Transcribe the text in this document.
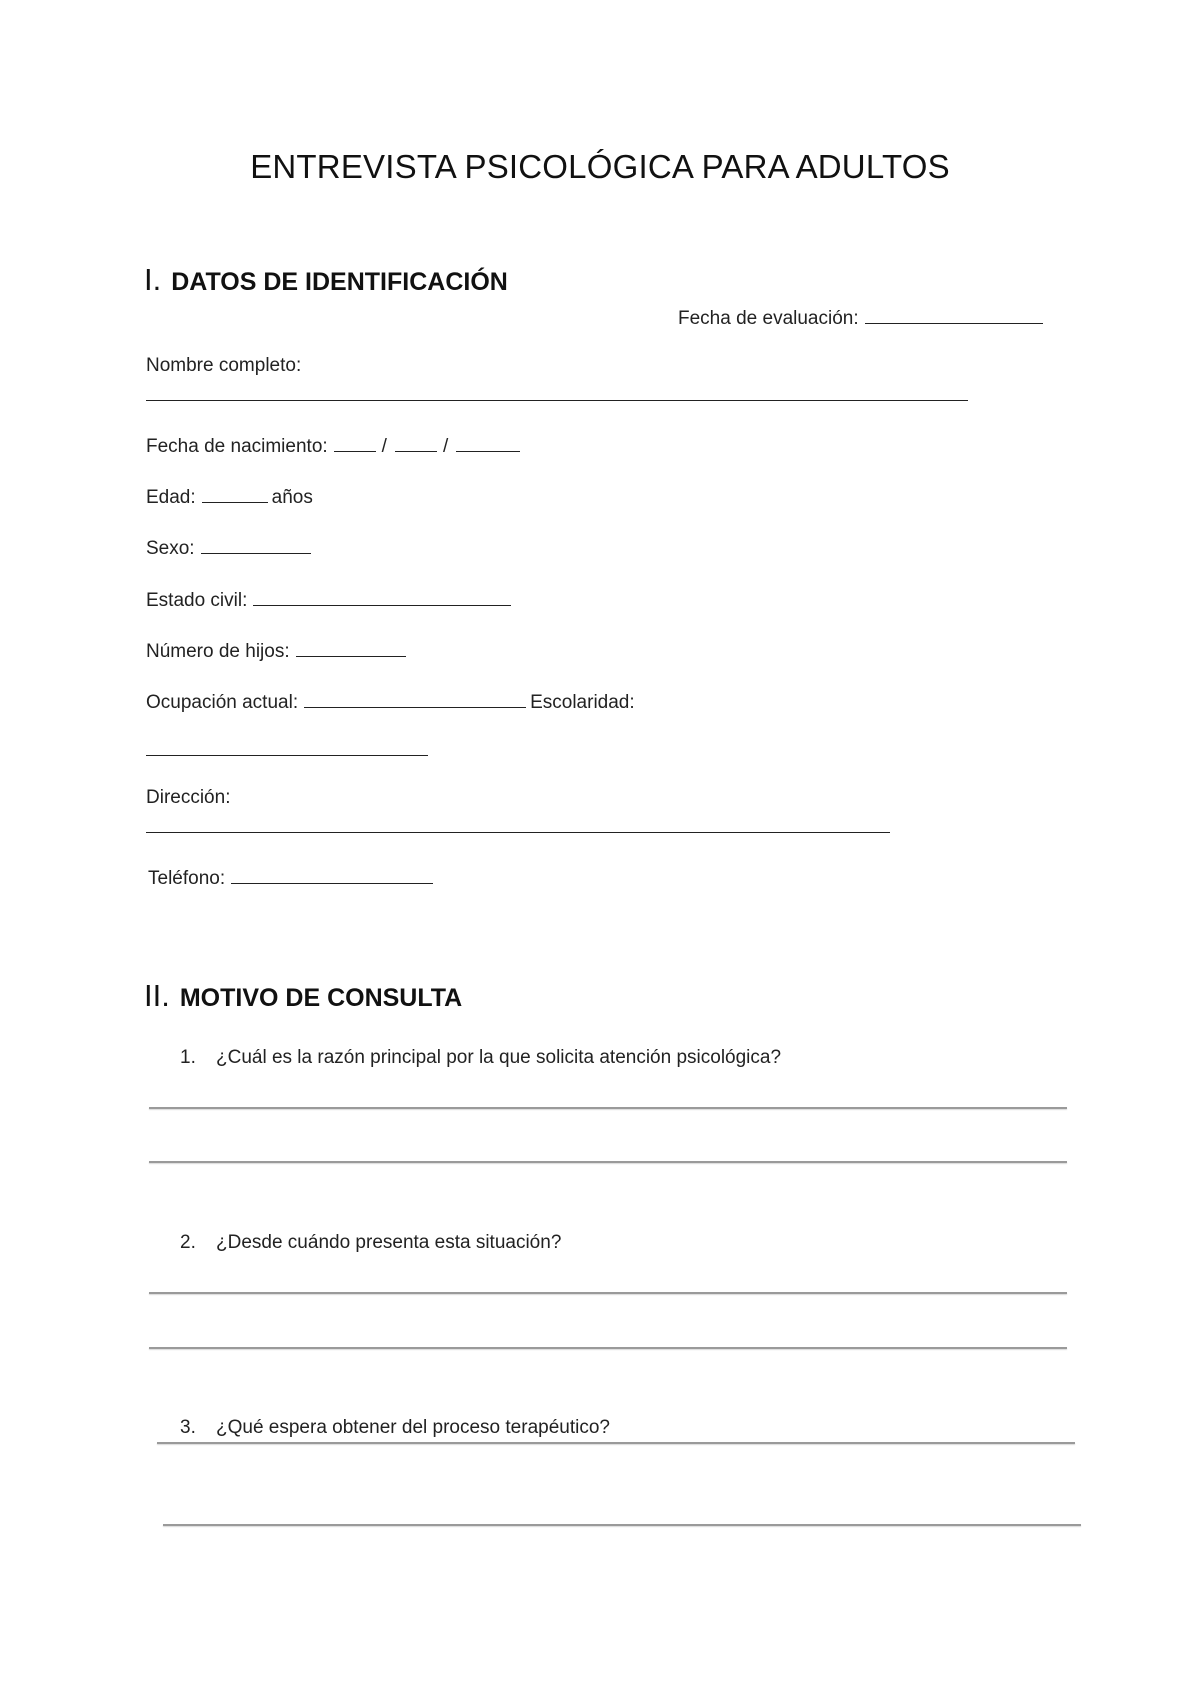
ENTREVISTA PSICOLÓGICA PARA ADULTOS
I. DATOS DE IDENTIFICACIÓN
Fecha de evaluación:
Nombre completo:
Fecha de nacimiento:	/	/
Edad:	años
Sexo:
Estado civil:
Número de hijos:
Ocupación actual:	Escolaridad:
Dirección:
Teléfono:
II. MOTIVO DE CONSULTA
1.	¿Cuál es la razón principal por la que solicita atención psicológica?
2.	¿Desde cuándo presenta esta situación?
3.	¿Qué espera obtener del proceso terapéutico?
